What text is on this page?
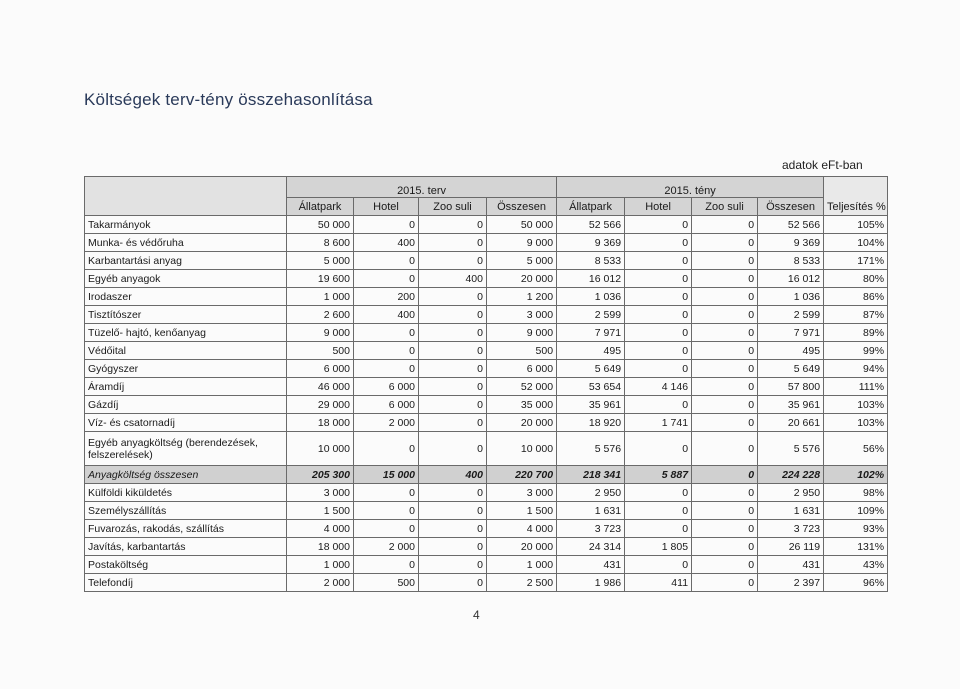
Költségek terv-tény összehasonlítása
adatok eFt-ban
	2015. terv				2015. tény				Teljesítés %
	Állatpark	Hotel	Zoo suli	Összesen	Állatpark	Hotel	Zoo suli	Összesen	
Takarmányok	50 000	0	0	50 000	52 566	0	0	52 566	105%
Munka- és védőruha	8 600	400	0	9 000	9 369	0	0	9 369	104%
Karbantartási anyag	5 000	0	0	5 000	8 533	0	0	8 533	171%
Egyéb anyagok	19 600	0	400	20 000	16 012	0	0	16 012	80%
Irodaszer	1 000	200	0	1 200	1 036	0	0	1 036	86%
Tisztítószer	2 600	400	0	3 000	2 599	0	0	2 599	87%
Tüzelő- hajtó, kenőanyag	9 000	0	0	9 000	7 971	0	0	7 971	89%
Védőital	500	0	0	500	495	0	0	495	99%
Gyógyszer	6 000	0	0	6 000	5 649	0	0	5 649	94%
Áramdíj	46 000	6 000	0	52 000	53 654	4 146	0	57 800	111%
Gázdíj	29 000	6 000	0	35 000	35 961	0	0	35 961	103%
Víz- és csatornadíj	18 000	2 000	0	20 000	18 920	1 741	0	20 661	103%
Egyéb anyagköltség (berendezések, felszerelések)	10 000	0	0	10 000	5 576	0	0	5 576	56%
Anyagköltség összesen	205 300	15 000	400	220 700	218 341	5 887	0	224 228	102%
Külföldi kiküldetés	3 000	0	0	3 000	2 950	0	0	2 950	98%
Személyszállítás	1 500	0	0	1 500	1 631	0	0	1 631	109%
Fuvarozás, rakodás, szállítás	4 000	0	0	4 000	3 723	0	0	3 723	93%
Javítás, karbantartás	18 000	2 000	0	20 000	24 314	1 805	0	26 119	131%
Postaköltség	1 000	0	0	1 000	431	0	0	431	43%
Telefondíj	2 000	500	0	2 500	1 986	411	0	2 397	96%
4
